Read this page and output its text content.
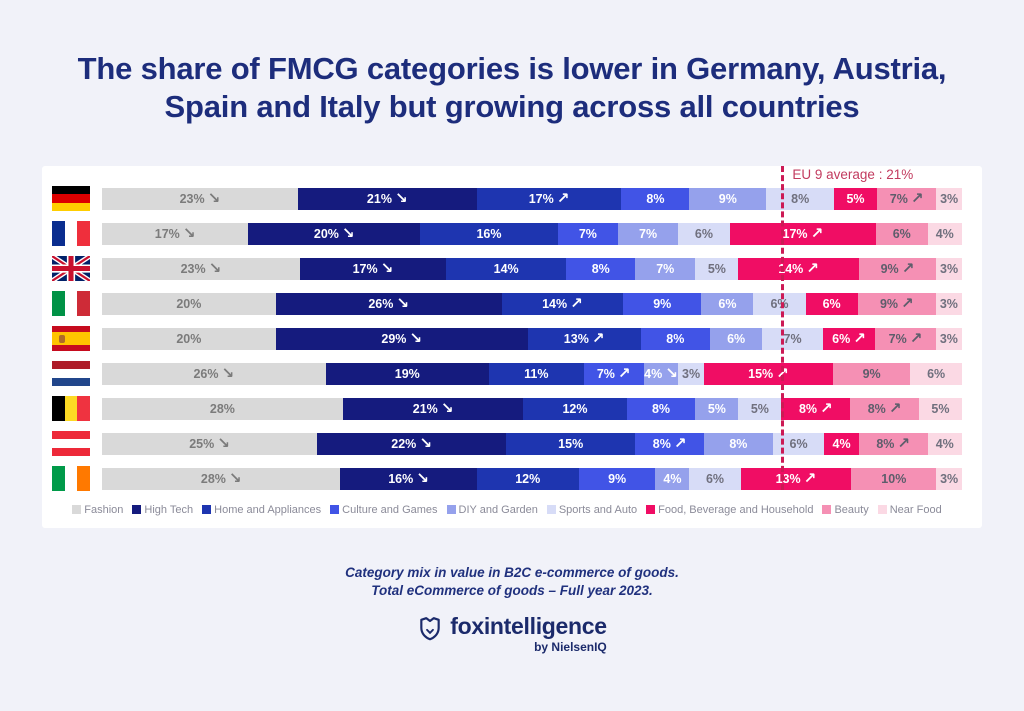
The share of FMCG categories is lower in Germany, Austria, Spain and Italy but growing across all countries
EU 9 average : 21%
23% ↘	21% ↘	17% ↗	8%	9%	8%	5%	7% ↗ 3%
17% ↘	20% ↘	16%	7%	7%	6%	17% ↗	6%	4%
23% ↘	17% ↘	14%	8%	7%	5%	14% ↗	9% ↗	3%
20%	26% ↘	14% ↗	9%	6%	6%	6%	9% ↗	3%
20%	29% ↘	13% ↗	8%	6%	7%	6% ↗	7% ↗	3%
26% ↘	19%	11%	7% ↗ 4% ↘ 3%	15% ↗	9%	6%
28%	21% ↘	12%	8%	5%	5%	8% ↗	8% ↗	5%
25% ↘	22% ↘	15%	8% ↗	8%	6%	4%	8% ↗	4%
28% ↘	16% ↘	12%	9%	4%	6%	13% ↗	10%	3%
Fashion High Tech Home and Appliances Culture and Games DIY and Garden Sports and Auto Food, Beverage and Household Beauty Near Food
Category mix in value in B2C e-commerce of goods.
Total eCommerce of goods – Full year 2023.
foxintelligence
by NielsenIQ
